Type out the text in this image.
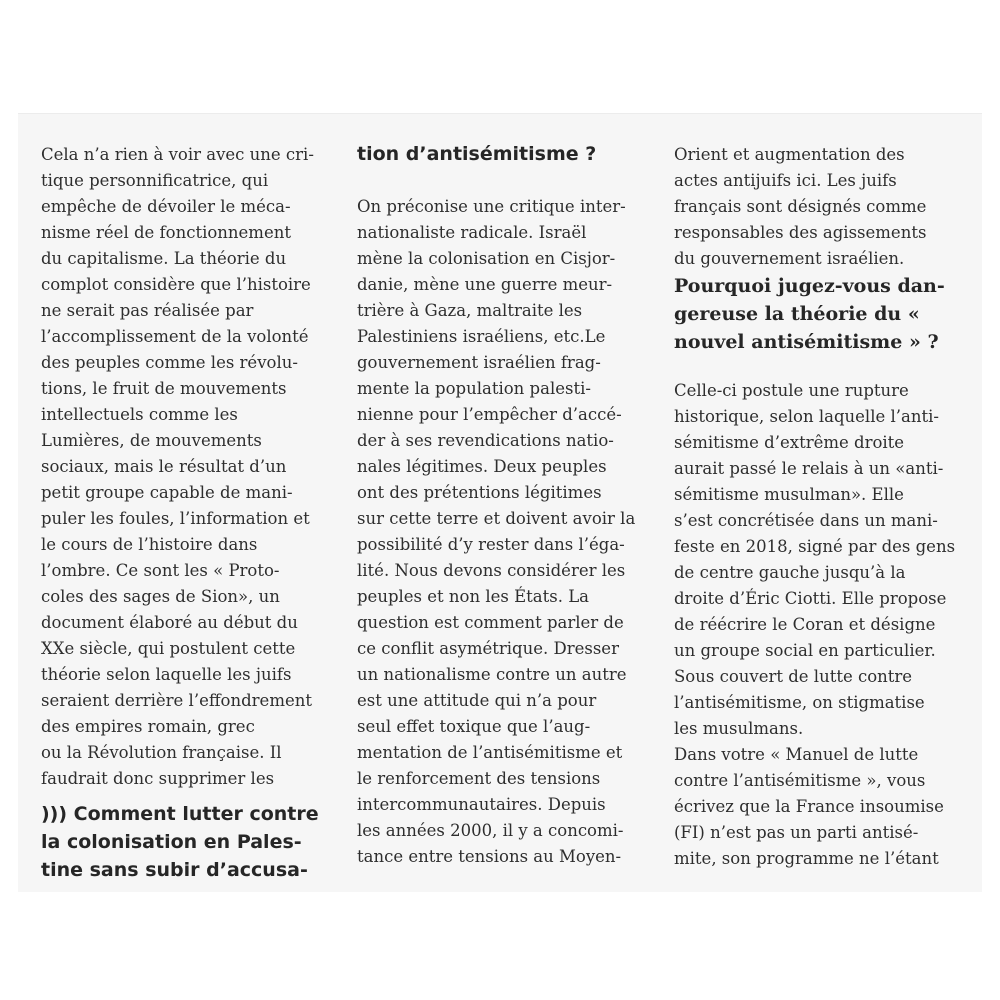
Cela n’a rien à voir avec une cri-
tique personnificatrice, qui
empêche de dévoiler le méca-
nisme réel de fonctionnement
du capitalisme. La théorie du
complot considère que l’histoire
ne serait pas réalisée par
l’accomplissement de la volonté
des peuples comme les révolu-
tions, le fruit de mouvements
intellectuels comme les
Lumières, de mouvements
sociaux, mais le résultat d’un
petit groupe capable de mani-
puler les foules, l’information et
le cours de l’histoire dans
l’ombre. Ce sont les « Proto-
coles des sages de Sion», un
document élaboré au début du
XXe siècle, qui postulent cette
théorie selon laquelle les juifs
seraient derrière l’effondrement
des empires romain, grec
ou la Révolution française. Il
faudrait donc supprimer les
))) Comment lutter contre
la colonisation en Pales-
tine sans subir d’accusa-
tion d’antisémitisme ?
On préconise une critique inter-
nationaliste radicale. Israël
mène la colonisation en Cisjor-
danie, mène une guerre meur-
trière à Gaza, maltraite les
Palestiniens israéliens, etc.Le
gouvernement israélien frag-
mente la population palesti-
nienne pour l’empêcher d’accé-
der à ses revendications natio-
nales légitimes. Deux peuples
ont des prétentions légitimes
sur cette terre et doivent avoir la
possibilité d’y rester dans l’éga-
lité. Nous devons considérer les
peuples et non les États. La
question est comment parler de
ce conflit asymétrique. Dresser
un nationalisme contre un autre
est une attitude qui n’a pour
seul effet toxique que l’aug-
mentation de l’antisémitisme et
le renforcement des tensions
intercommunautaires. Depuis
les années 2000, il y a concomi-
tance entre tensions au Moyen-
Orient et augmentation des
actes antijuifs ici. Les juifs
français sont désignés comme
responsables des agissements
du gouvernement israélien.
Pourquoi jugez-vous dan-
gereuse la théorie du «
nouvel antisémitisme » ?
Celle-ci postule une rupture
historique, selon laquelle l’anti-
sémitisme d’extrême droite
aurait passé le relais à un «anti-
sémitisme musulman». Elle
s’est concrétisée dans un mani-
feste en 2018, signé par des gens
de centre gauche jusqu’à la
droite d’Éric Ciotti. Elle propose
de réécrire le Coran et désigne
un groupe social en particulier.
Sous couvert de lutte contre
l’antisémitisme, on stigmatise
les musulmans.
Dans votre « Manuel de lutte
contre l’antisémitisme », vous
écrivez que la France insoumise
(FI) n’est pas un parti antisé-
mite, son programme ne l’étant
